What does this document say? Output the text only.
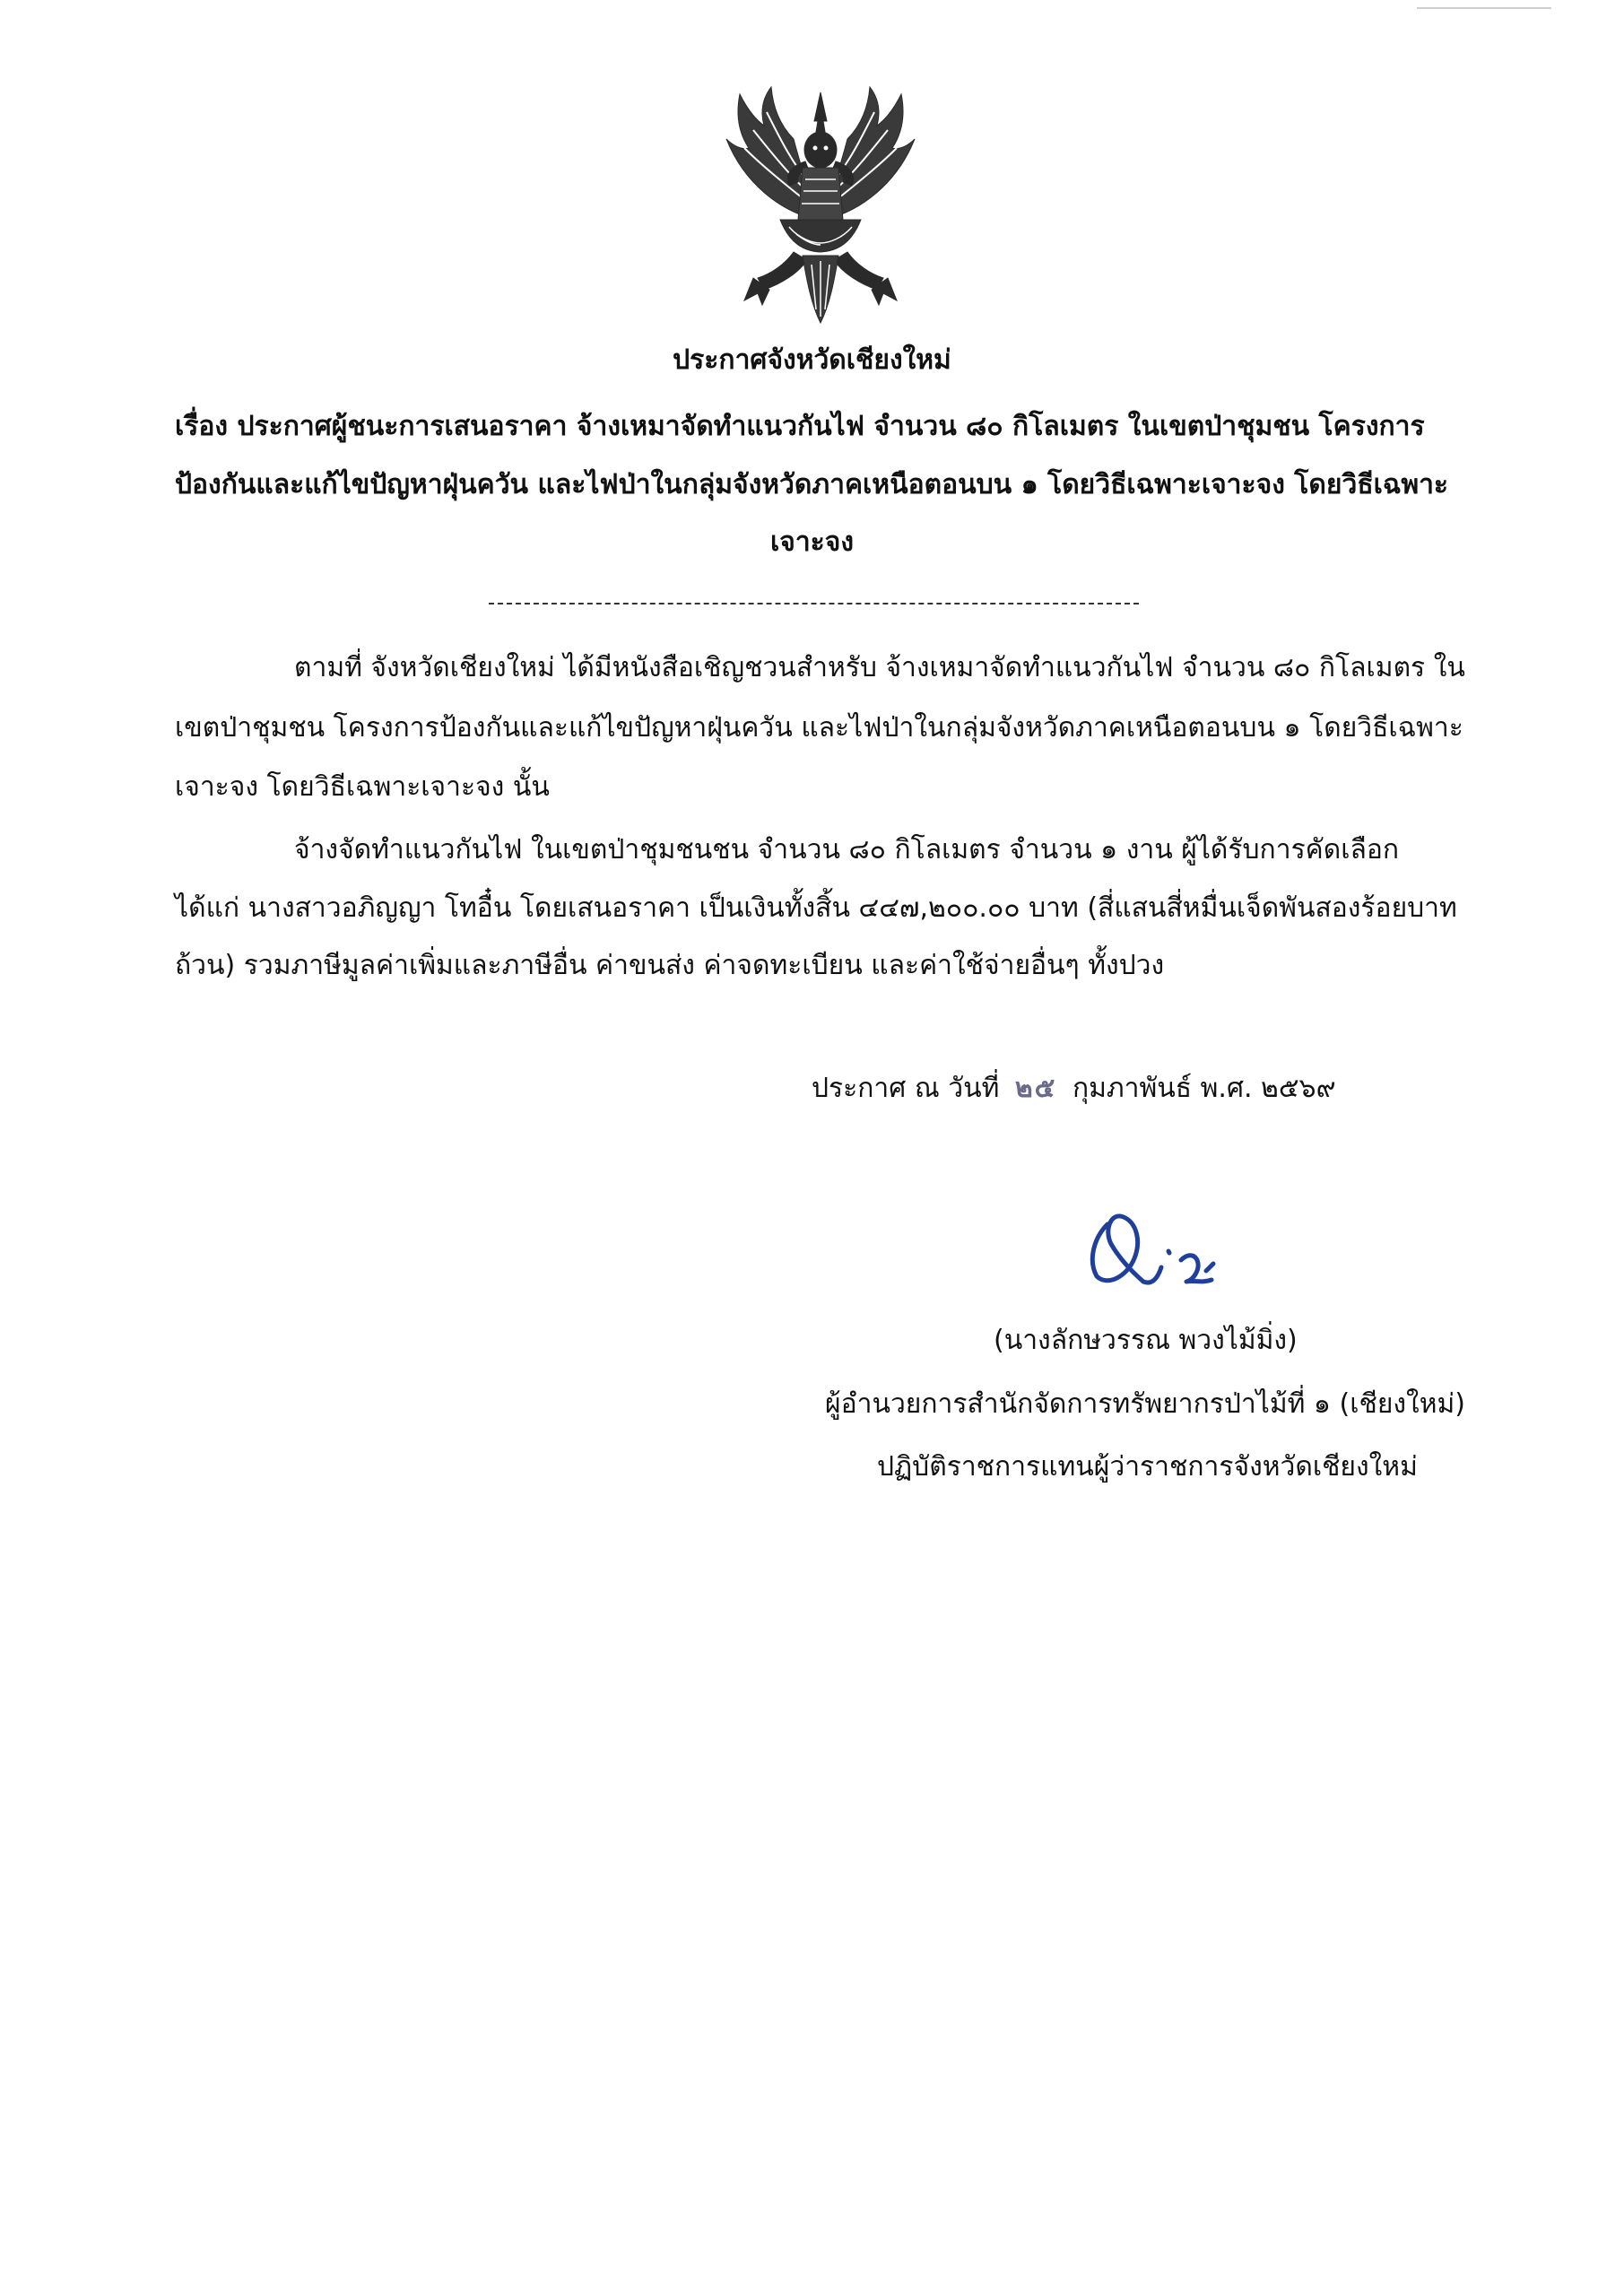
ประกาศจังหวัดเชียงใหม่
เรื่อง ประกาศผู้ชนะการเสนอราคา จ้างเหมาจัดทำแนวกันไฟ จำนวน ๘๐ กิโลเมตร ในเขตป่าชุมชน โครงการ
ป้องกันและแก้ไขปัญหาฝุ่นควัน และไฟป่าในกลุ่มจังหวัดภาคเหนือตอนบน ๑ โดยวิธีเฉพาะเจาะจง โดยวิธีเฉพาะ
เจาะจง
ตามที่ จังหวัดเชียงใหม่ ได้มีหนังสือเชิญชวนสำหรับ จ้างเหมาจัดทำแนวกันไฟ จำนวน ๘๐ กิโลเมตร ใน
เขตป่าชุมชน โครงการป้องกันและแก้ไขปัญหาฝุ่นควัน และไฟป่าในกลุ่มจังหวัดภาคเหนือตอนบน ๑ โดยวิธีเฉพาะ
เจาะจง โดยวิธีเฉพาะเจาะจง นั้น
จ้างจัดทำแนวกันไฟ ในเขตป่าชุมชนชน จำนวน ๘๐ กิโลเมตร จำนวน ๑ งาน ผู้ได้รับการคัดเลือก
ได้แก่ นางสาวอภิญญา โทอื๋น โดยเสนอราคา เป็นเงินทั้งสิ้น ๔๔๗,๒๐๐.๐๐ บาท (สี่แสนสี่หมื่นเจ็ดพันสองร้อยบาท
ถ้วน) รวมภาษีมูลค่าเพิ่มและภาษีอื่น ค่าขนส่ง ค่าจดทะเบียน และค่าใช้จ่ายอื่นๆ ทั้งปวง
ประกาศ ณ วันที่ ๒๕ กุมภาพันธ์ พ.ศ. ๒๕๖๙
(นางลักษวรรณ พวงไม้มิ่ง)
ผู้อำนวยการสำนักจัดการทรัพยากรป่าไม้ที่ ๑ (เชียงใหม่)
ปฏิบัติราชการแทนผู้ว่าราชการจังหวัดเชียงใหม่
